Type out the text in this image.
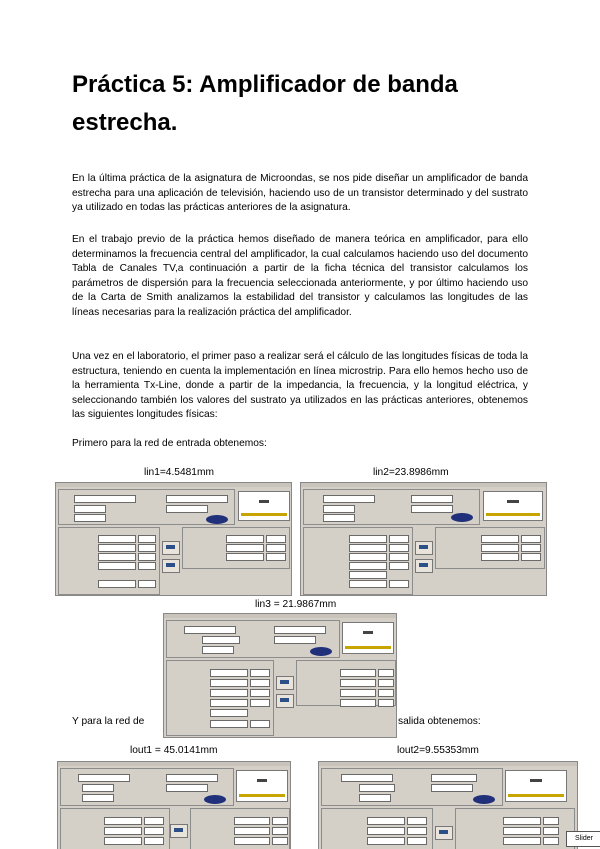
Práctica 5: Amplificador de banda estrecha.
En la última práctica de la asignatura de Microondas, se nos pide diseñar un amplificador de banda estrecha para una aplicación de televisión, haciendo uso de un transistor determinado y del sustrato ya utilizado en todas las prácticas anteriores de la asignatura.
En el trabajo previo de la práctica hemos diseñado de manera teórica en amplificador, para ello determinamos la frecuencia central del amplificador, la cual calculamos haciendo uso del documento Tabla de Canales TV,a continuación a partir de la ficha técnica del transistor calculamos los parámetros de dispersión para la frecuencia seleccionada anteriormente, y por último haciendo uso de la Carta de Smith analizamos la estabilidad del transistor y calculamos las longitudes de las líneas necesarias para la realización práctica del amplificador.
Una vez en el laboratorio, el primer paso a realizar será el cálculo de las longitudes físicas de toda la estructura, teniendo en cuenta la implementación en línea microstrip. Para ello hemos hecho uso de la herramienta Tx-Line, donde a partir de la impedancia, la frecuencia, y la longitud eléctrica, y seleccionando también los valores del sustrato ya utilizados en las prácticas anteriores, obtenemos las siguientes longitudes físicas:
Primero para la red de entrada obtenemos:
lin1=4.5481mm	lin2=23.8986mm
lin3 = 21.9867mm
Y para la red de	salida obtenemos:
lout1 = 45.0141mm	lout2=9.55353mm
Slider
